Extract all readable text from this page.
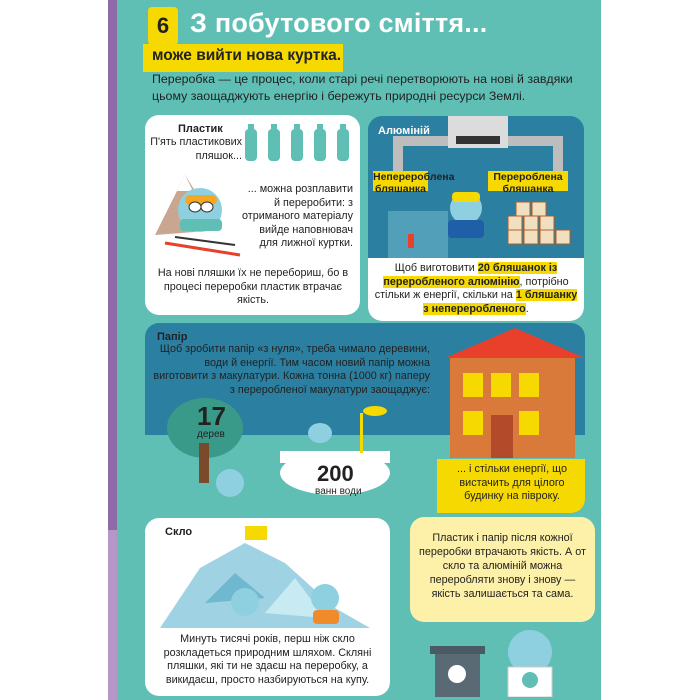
6 З побутового сміття...
може вийти нова куртка.
Переробка — це процес, коли старі речі перетворюють на нові й завдяки цьому заощаджують енергію і бережуть природні ресурси Землі.
Пластик
П'ять пластикових пляшок...
... можна розплавити й переробити: з отриманого матеріалу вийде наповнювач для лижної куртки.
На нові пляшки їх не перебориш, бо в процесі переробки пластик втрачає якість.
Алюміній
Неперероблена бляшанка
Перероблена бляшанка
Щоб виготовити 20 бляшанок із переробленого алюмінію, потрібно стільки ж енергії, скільки на 1 бляшанку з непереробленого.
Папір
Щоб зробити папір «з нуля», треба чимало деревини, води й енергії. Тим часом новий папір можна виготовити з макулатури. Кожна тонна (1000 кг) паперу з переробленої макулатури заощаджує:
17
дерев
200
ванн води
... і стільки енергії, що вистачить для цілого будинку на півроку.
Скло
Минуть тисячі років, перш ніж скло розкладеться природним шляхом. Скляні пляшки, які ти не здаєш на переробку, а викидаєш, просто назбируються на купу.
Пластик і папір після кожної переробки втрачають якість. А от скло та алюміній можна переробляти знову і знову — якість залишається та сама.
